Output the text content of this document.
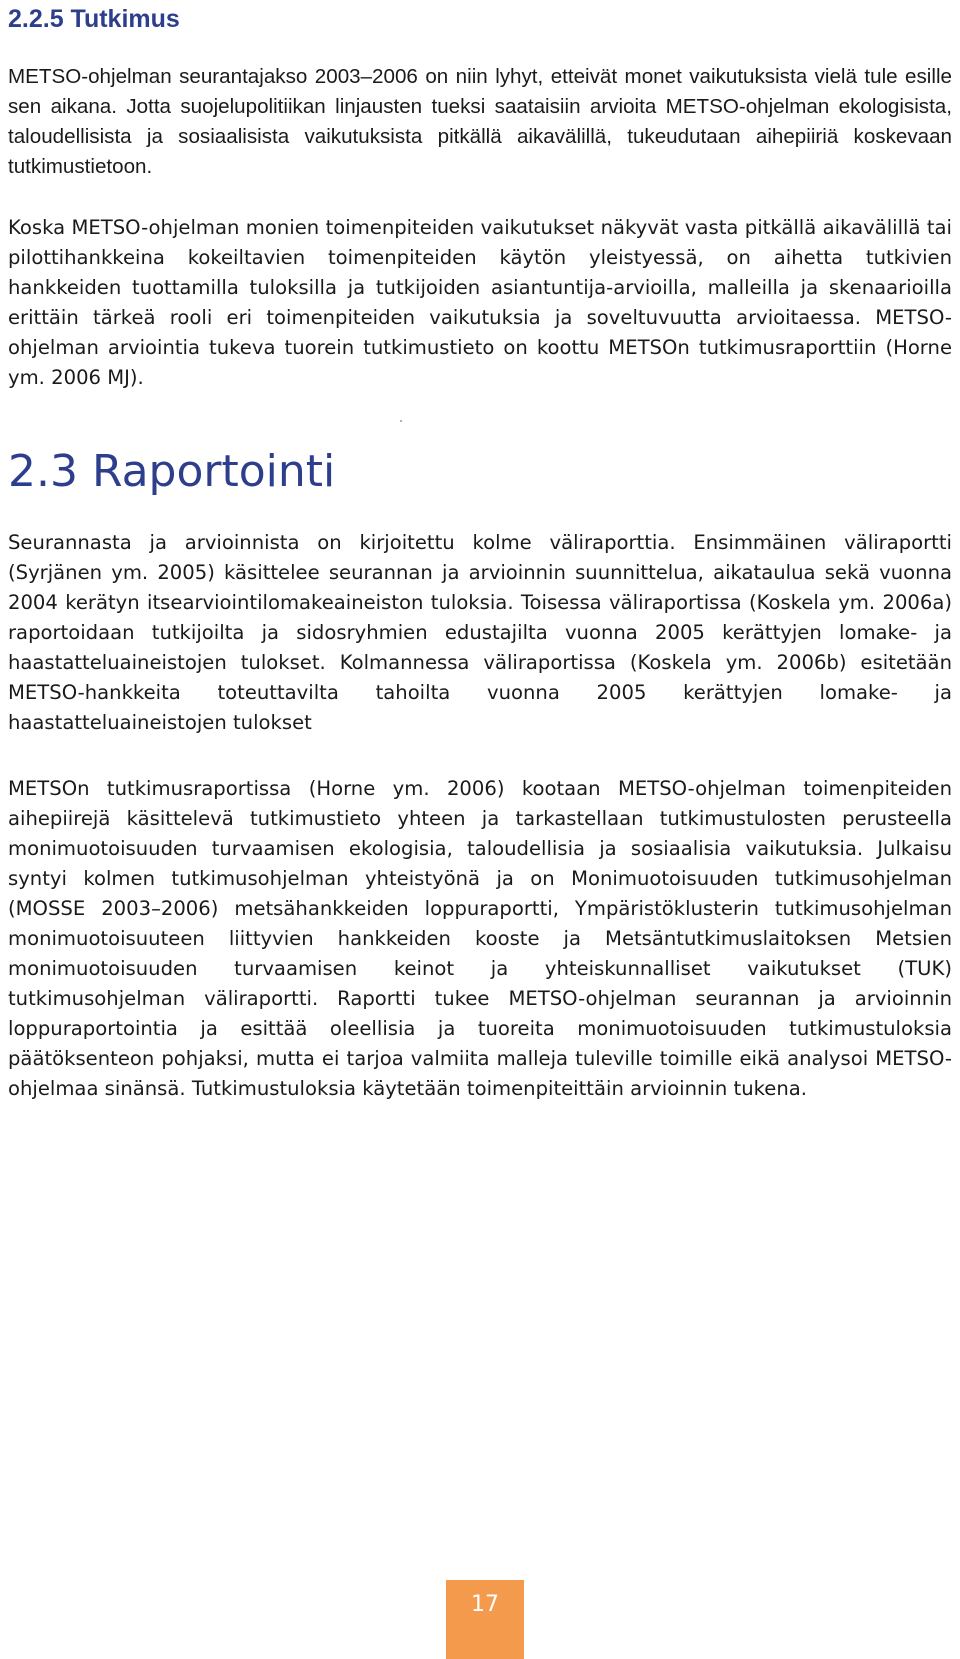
2.2.5 Tutkimus

METSO-ohjelman seurantajakso 2003–2006 on niin lyhyt, etteivät monet vaikutuksista vielä tule esille sen aikana. Jotta suojelupolitiikan linjausten tueksi saataisiin arvioita METSO-ohjelman ekologisista, taloudellisista ja sosiaalisista vaikutuksista pitkällä aikavälillä, tukeudutaan aihepiiriä koskevaan tutkimustietoon.

Koska METSO-ohjelman monien toimenpiteiden vaikutukset näkyvät vasta pitkällä aikavälillä tai pilottihankkeina kokeiltavien toimenpiteiden käytön yleistyessä, on aihetta tutkivien hankkeiden tuottamilla tuloksilla ja tutkijoiden asiantuntija-arvioilla, malleilla ja skenaarioilla erittäin tärkeä rooli eri toimenpiteiden vaikutuksia ja soveltuvuutta arvioitaessa. METSO-ohjelman arviointia tukeva tuorein tutkimustieto on koottu METSOn tutkimusraporttiin (Horne ym. 2006 MJ).

2.3 Raportointi

Seurannasta ja arvioinnista on kirjoitettu kolme väliraporttia. Ensimmäinen väliraportti (Syrjänen ym. 2005) käsittelee seurannan ja arvioinnin suunnittelua, aikataulua sekä vuonna 2004 kerätyn itsearviointilomakeaineiston tuloksia. Toisessa väliraportissa (Koskela ym. 2006a) raportoidaan tutkijoilta ja sidosryhmien edustajilta vuonna 2005 kerättyjen lomake- ja haastatteluaineistojen tulokset. Kolmannessa väliraportissa (Koskela ym. 2006b) esitetään METSO-hankkeita toteuttavilta tahoilta vuonna 2005 kerättyjen lomake- ja haastatteluaineistojen tulokset

METSOn tutkimusraportissa (Horne ym. 2006) kootaan METSO-ohjelman toimenpiteiden aihepiirejä käsittelevä tutkimustieto yhteen ja tarkastellaan tutkimustulosten perusteella monimuotoisuuden turvaamisen ekologisia, taloudellisia ja sosiaalisia vaikutuksia. Julkaisu syntyi kolmen tutkimusohjelman yhteistyönä ja on Monimuotoisuuden tutkimusohjelman (MOSSE 2003–2006) metsähankkeiden loppuraportti, Ympäristöklusterin tutkimusohjelman monimuotoisuuteen liittyvien hankkeiden kooste ja Metsäntutkimuslaitoksen Metsien monimuotoisuuden turvaamisen keinot ja yhteiskunnalliset vaikutukset (TUK) tutkimusohjelman väliraportti. Raportti tukee METSO-ohjelman seurannan ja arvioinnin loppuraportointia ja esittää oleellisia ja tuoreita monimuotoisuuden tutkimustuloksia päätöksenteon pohjaksi, mutta ei tarjoa valmiita malleja tuleville toimille eikä analysoi METSO-ohjelmaa sinänsä. Tutkimustuloksia käytetään toimenpiteittäin arvioinnin tukena.

17
